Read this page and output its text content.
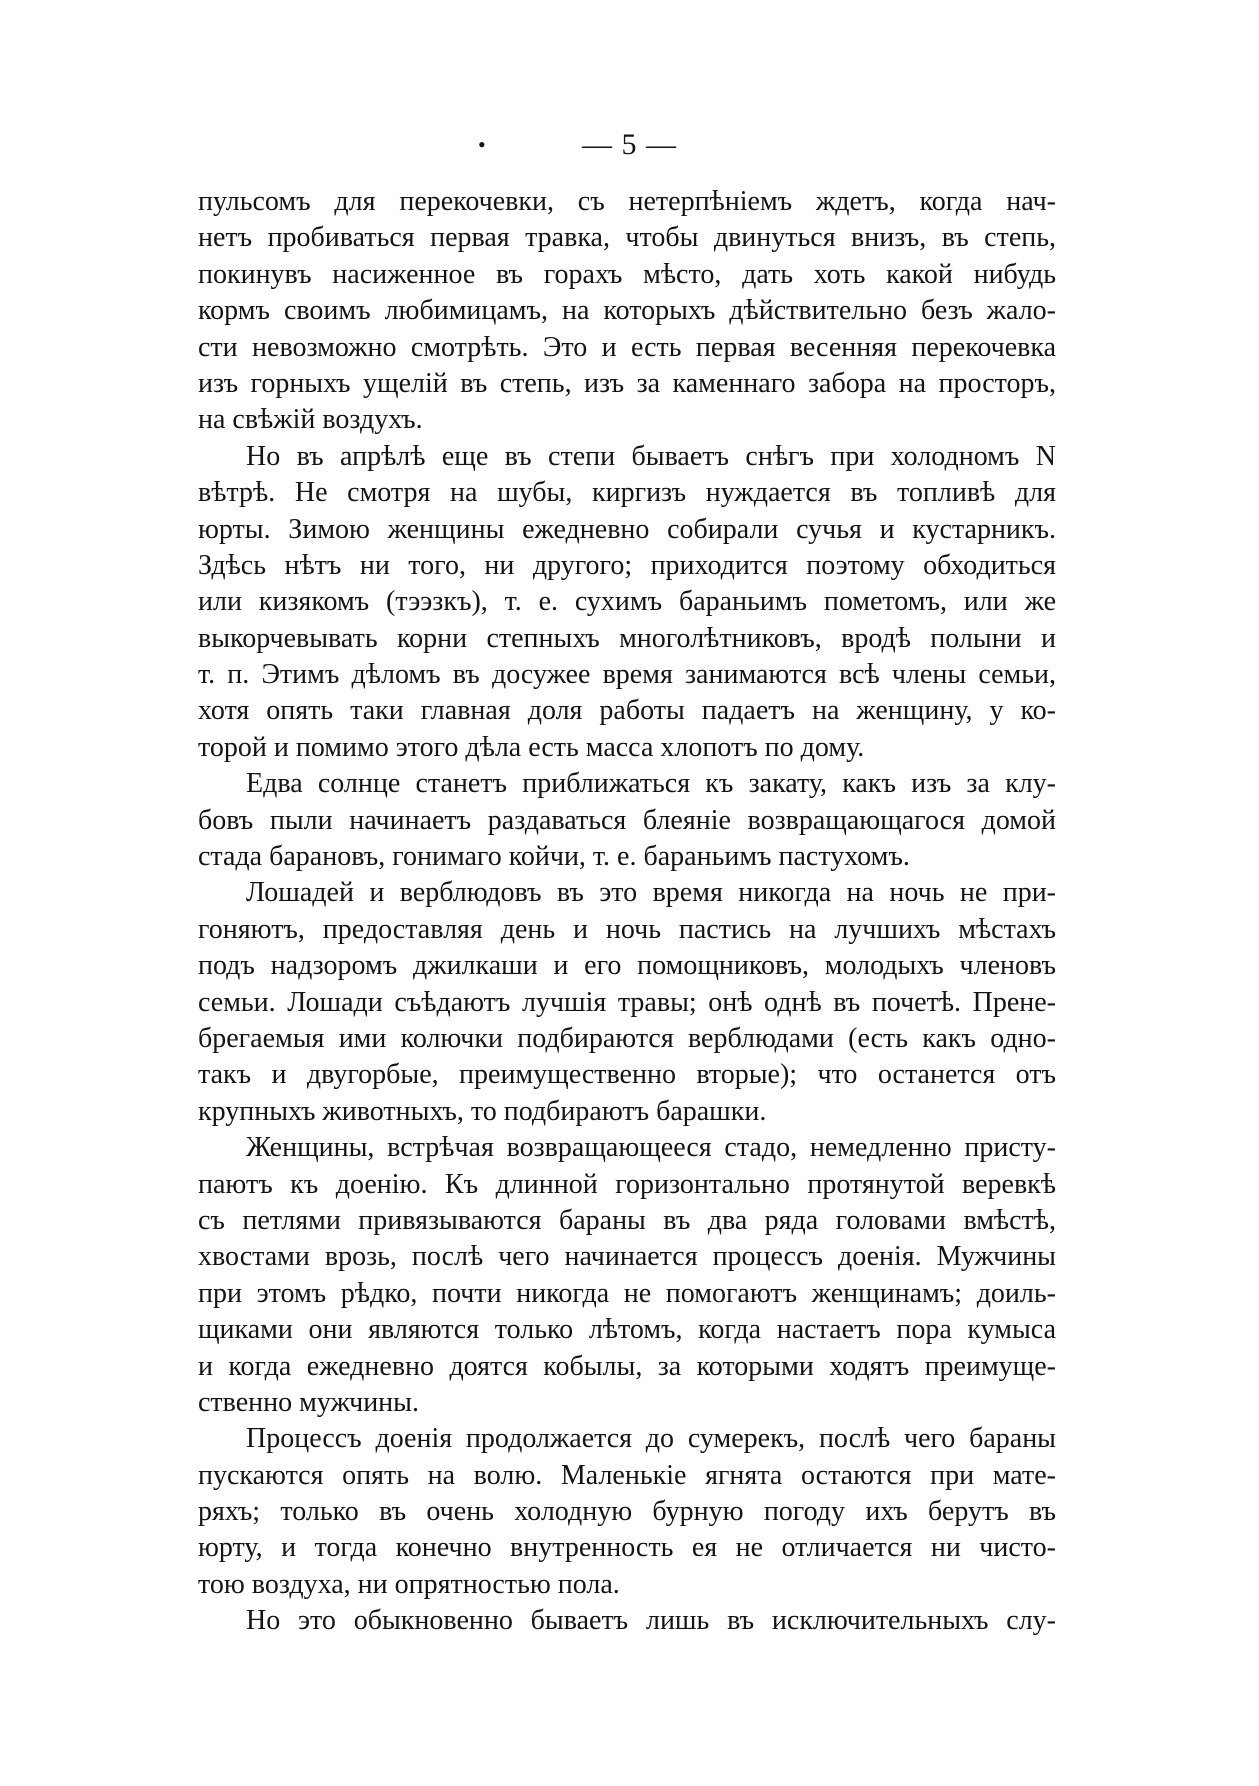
•	— 5 —
пульсомъ для перекочевки, съ нетерпѣніемъ ждетъ, когда нач-
нетъ пробиваться первая травка, чтобы двинуться внизъ, въ степь,
покинувъ насиженное въ горахъ мѣсто, дать хоть какой нибудь
кормъ своимъ любимицамъ, на которыхъ дѣйствительно безъ жало-
сти невозможно смотрѣть. Это и есть первая весенняя перекочевка
изъ горныхъ ущелій въ степь, изъ за каменнаго забора на просторъ,
на свѣжій воздухъ.
Но въ апрѣлѣ еще въ степи бываетъ снѣгъ при холодномъ N
вѣтрѣ. Не смотря на шубы, киргизъ нуждается въ топливѣ для
юрты. Зимою женщины ежедневно собирали сучья и кустарникъ.
Здѣсь нѣтъ ни того, ни другого; приходится поэтому обходиться
или кизякомъ (тээзкъ), т. е. сухимъ бараньимъ пометомъ, или же
выкорчевывать корни степныхъ многолѣтниковъ, вродѣ полыни и
т. п. Этимъ дѣломъ въ досужее время занимаются всѣ члены семьи,
хотя опять таки главная доля работы падаетъ на женщину, у ко-
торой и помимо этого дѣла есть масса хлопотъ по дому.
Едва солнце станетъ приближаться къ закату, какъ изъ за клу-
бовъ пыли начинаетъ раздаваться блеяніе возвращающагося домой
стада барановъ, гонимаго койчи, т. е. бараньимъ пастухомъ.
Лошадей и верблюдовъ въ это время никогда на ночь не при-
гоняютъ, предоставляя день и ночь пастись на лучшихъ мѣстахъ
подъ надзоромъ джилкаши и его помощниковъ, молодыхъ членовъ
семьи. Лошади съѣдаютъ лучшія травы; онѣ однѣ въ почетѣ. Прене-
брегаемыя ими колючки подбираются верблюдами (есть какъ одно-
такъ и двугорбые, преимущественно вторые); что останется отъ
крупныхъ животныхъ, то подбираютъ барашки.
Женщины, встрѣчая возвращающееся стадо, немедленно присту-
паютъ къ доенію. Къ длинной горизонтально протянутой веревкѣ
съ петлями привязываются бараны въ два ряда головами вмѣстѣ,
хвостами врозь, послѣ чего начинается процессъ доенія. Мужчины
при этомъ рѣдко, почти никогда не помогаютъ женщинамъ; доиль-
щиками они являются только лѣтомъ, когда настаетъ пора кумыса
и когда ежедневно доятся кобылы, за которыми ходятъ преимуще-
ственно мужчины.
Процессъ доенія продолжается до сумерекъ, послѣ чего бараны
пускаются опять на волю. Маленькіе ягнята остаются при мате-
ряхъ; только въ очень холодную бурную погоду ихъ берутъ въ
юрту, и тогда конечно внутренность ея не отличается ни чисто-
тою воздуха, ни опрятностью пола.
Но это обыкновенно бываетъ лишь въ исключительныхъ слу-
